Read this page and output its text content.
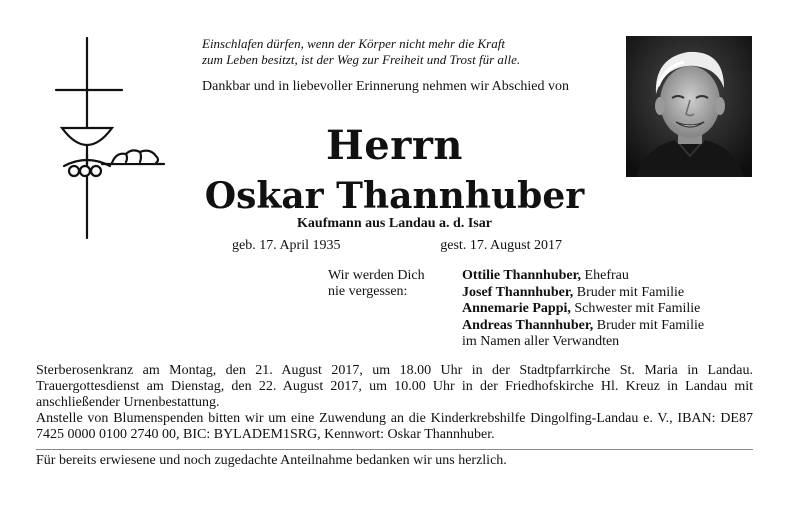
Einschlafen dürfen, wenn der Körper nicht mehr die Kraft
zum Leben besitzt, ist der Weg zur Freiheit und Trost für alle.
Dankbar und in liebevoller Erinnerung nehmen wir Abschied von
Herrn
Oskar Thannhuber
Kaufmann aus Landau a. d. Isar
geb. 17. April 1935	gest. 17. August 2017
Wir werden Dich
nie vergessen:
Ottilie Thannhuber, Ehefrau
Josef Thannhuber, Bruder mit Familie
Annemarie Pappi, Schwester mit Familie
Andreas Thannhuber, Bruder mit Familie
im Namen aller Verwandten

Sterberosenkranz am Montag, den 21. August 2017, um 18.00 Uhr in der Stadtpfarrkirche St. Maria in Landau. Trauergottesdienst am Dienstag, den 22. August 2017, um 10.00 Uhr in der Friedhofskirche Hl. Kreuz in Landau mit anschließender Urnenbestattung.

Anstelle von Blumenspenden bitten wir um eine Zuwendung an die Kinderkrebshilfe Dingolfing-Landau e. V., IBAN: DE87 7425 0000 0100 2740 00, BIC: BYLADEM1SRG, Kennwort: Oskar Thannhuber.

Für bereits erwiesene und noch zugedachte Anteilnahme bedanken wir uns herzlich.
